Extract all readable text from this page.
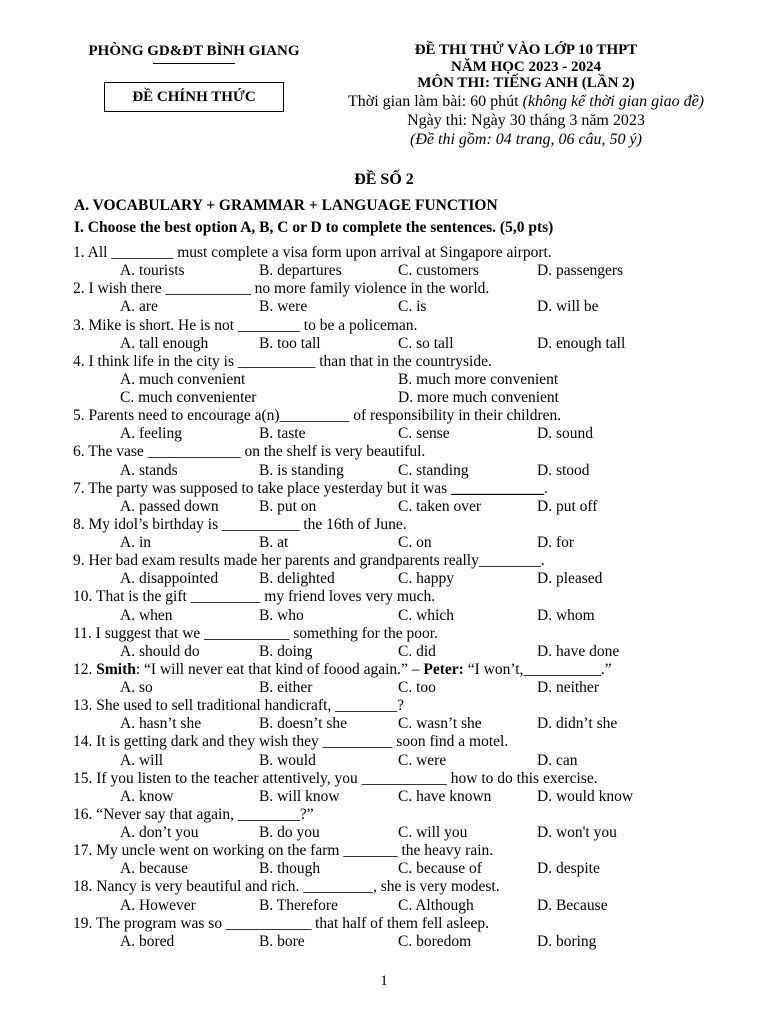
PHÒNG GD&ĐT BÌNH GIANG
ĐỀ CHÍNH THỨC
ĐỀ THI THỬ VÀO LỚP 10 THPT
NĂM HỌC 2023 - 2024
MÔN THI: TIẾNG ANH (LẦN 2)
Thời gian làm bài: 60 phút (không kể thời gian giao đề)
Ngày thi: Ngày 30 tháng 3 năm 2023
(Đề thi gồm: 04 trang, 06 câu, 50 ý)
ĐỀ SỐ 2
A. VOCABULARY + GRAMMAR + LANGUAGE FUNCTION
I. Choose the best option A, B, C or D to complete the sentences. (5,0 pts)
1. All ________ must complete a visa form upon arrival at Singapore airport.
A. tourists	B. departures	C. customers	D. passengers
2. I wish there ___________ no more family violence in the world.
A. are	B. were	C. is	D. will be
3. Mike is short. He is not ________ to be a policeman.
A. tall enough	B. too tall	C. so tall	D. enough tall
4. I think life in the city is __________ than that in the countryside.
A. much convenient	B. much more convenient
C. much convenienter	D. more much convenient
5. Parents need to encourage a(n)_________ of responsibility in their children.
A. feeling	B. taste	C. sense	D. sound
6. The vase ____________ on the shelf is very beautiful.
A. stands	B. is standing	C. standing	D. stood
7. The party was supposed to take place yesterday but it was ____________.
A. passed down	B. put on	C. taken over	D. put off
8. My idol’s birthday is __________ the 16th of June.
A. in	B. at	C. on	D. for
9. Her bad exam results made her parents and grandparents really________.
A. disappointed	B. delighted	C. happy	D. pleased
10. That is the gift _________ my friend loves very much.
A. when	B. who	C. which	D. whom
11. I suggest that we ___________ something for the poor.
A. should do	B. doing	C. did	D. have done
12. Smith: “I will never eat that kind of foood again.” – Peter: “I won’t,__________.”
A. so	B. either	C. too	D. neither
13. She used to sell traditional handicraft, ________?
A. hasn’t she	B. doesn’t she	C. wasn’t she	D. didn’t she
14. It is getting dark and they wish they _________ soon find a motel.
A. will	B. would	C. were	D. can
15. If you listen to the teacher attentively, you ___________ how to do this exercise.
A. know	B. will know	C. have known	D. would know
16. “Never say that again, ________?”
A. don’t you	B. do you	C. will you	D. won't you
17. My uncle went on working on the farm _______ the heavy rain.
A. because	B. though	C. because of	D. despite
18. Nancy is very beautiful and rich. _________, she is very modest.
A. However	B. Therefore	C. Although	D. Because
19. The program was so ___________ that half of them fell asleep.
A. bored	B. bore	C. boredom	D. boring
1
